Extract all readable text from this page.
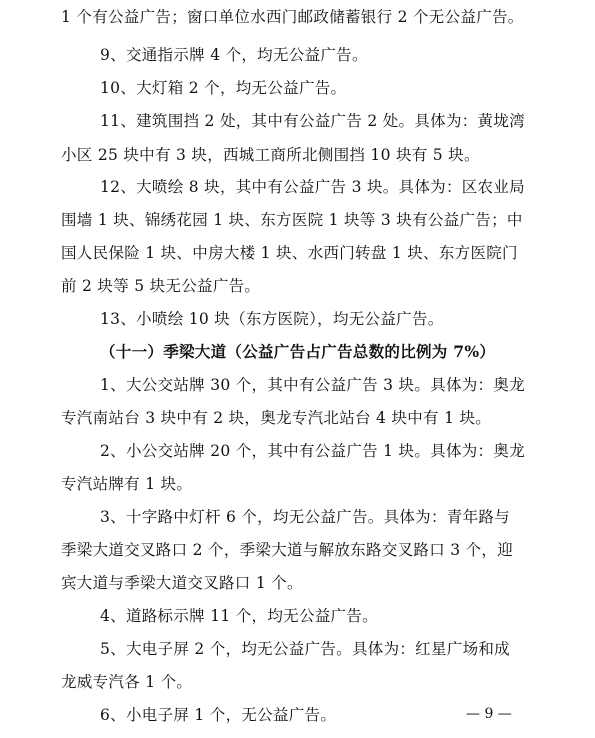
1 个有公益广告；窗口单位水西门邮政储蓄银行 2 个无公益广告。
9、交通指示牌 4 个，均无公益广告。
10、大灯箱 2 个，均无公益广告。
11、建筑围挡 2 处，其中有公益广告 2 处。具体为：黄垅湾
小区 25 块中有 3 块，西城工商所北侧围挡 10 块有 5 块。
12、大喷绘 8 块，其中有公益广告 3 块。具体为：区农业局
围墙 1 块、锦绣花园 1 块、东方医院 1 块等 3 块有公益广告；中
国人民保险 1 块、中房大楼 1 块、水西门转盘 1 块、东方医院门
前 2 块等 5 块无公益广告。
13、小喷绘 10 块（东方医院），均无公益广告。
（十一）季梁大道（公益广告占广告总数的比例为 7%）
1、大公交站牌 30 个，其中有公益广告 3 块。具体为：奥龙
专汽南站台 3 块中有 2 块，奥龙专汽北站台 4 块中有 1 块。
2、小公交站牌 20 个，其中有公益广告 1 块。具体为：奥龙
专汽站牌有 1 块。
3、十字路中灯杆 6 个，均无公益广告。具体为：青年路与
季梁大道交叉路口 2 个，季梁大道与解放东路交叉路口 3 个，迎
宾大道与季梁大道交叉路口 1 个。
4、道路标示牌 11 个，均无公益广告。
5、大电子屏 2 个，均无公益广告。具体为：红星广场和成
龙威专汽各 1 个。
6、小电子屏 1 个，无公益广告。	— 9 —
